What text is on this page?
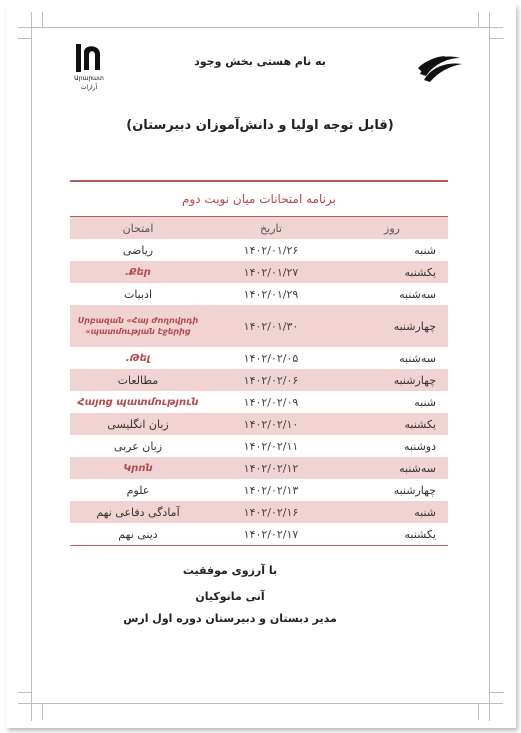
Արարատ
آرارات
به نام هستی بخش وجود
(قابل توجه اولیا و دانش‌آموزان دبیرستان)
برنامه امتحانات میان نوبت دوم
روز	تاریخ	امتحان
شنبه	۱۴۰۲/۰۱/۲۶	ریاضی
یکشنبه	۱۴۰۲/۰۱/۲۷	Քեր.
سه‌شنبه	۱۴۰۲/۰۱/۲۹	ادبیات
چهارشنبه	۱۴۰۲/۰۱/۳۰	Սրբազան «Հայ ժողովրդի պատմության էջերից»
سه‌شنبه	۱۴۰۲/۰۲/۰۵	Թել.
چهارشنبه	۱۴۰۲/۰۲/۰۶	مطالعات
شنبه	۱۴۰۲/۰۲/۰۹	Հայոց պատմություն
یکشنبه	۱۴۰۲/۰۲/۱۰	زبان انگلیسی
دوشنبه	۱۴۰۲/۰۲/۱۱	زبان عربی
سه‌شنبه	۱۴۰۲/۰۲/۱۲	Կրոն
چهارشنبه	۱۴۰۲/۰۲/۱۳	علوم
شنبه	۱۴۰۲/۰۲/۱۶	آمادگی دفاعی نهم
یکشنبه	۱۴۰۲/۰۲/۱۷	دینی نهم
با آرزوی موفقیت
آنی مانوکیان
مدیر دبستان و دبیرستان دوره اول ارس
